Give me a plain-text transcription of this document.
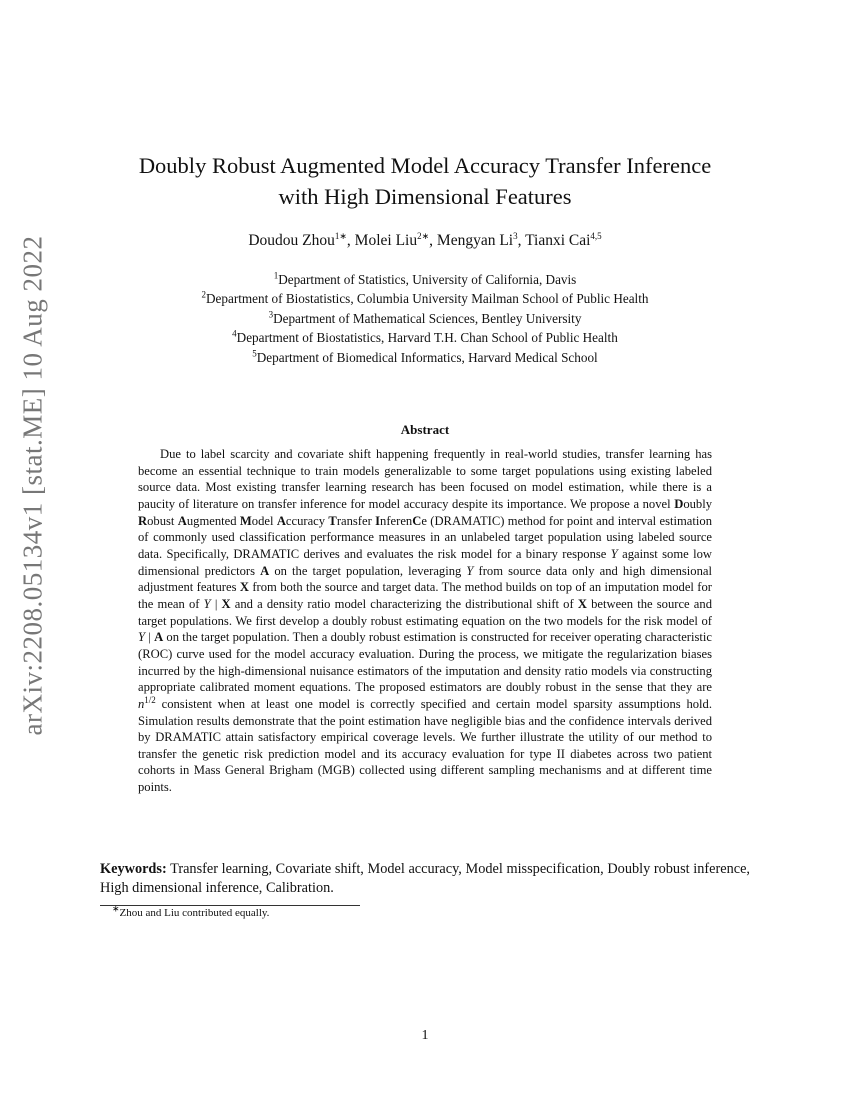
arXiv:2208.05134v1 [stat.ME] 10 Aug 2022
Doubly Robust Augmented Model Accuracy Transfer Inference
with High Dimensional Features
Doudou Zhou$^{1∗}$, Molei Liu$^{2∗}$, Mengyan Li$^3$, Tianxi Cai$^{4,5}$
$^1$Department of Statistics, University of California, Davis
$^2$Department of Biostatistics, Columbia University Mailman School of Public Health
$^3$Department of Mathematical Sciences, Bentley University
$^4$Department of Biostatistics, Harvard T.H. Chan School of Public Health
$^5$Department of Biomedical Informatics, Harvard Medical School
Abstract

Due to label scarcity and covariate shift happening frequently in real-world studies, transfer learning has become an essential technique to train models generalizable to some target populations using existing labeled source data. Most existing transfer learning research has been focused on model estimation, while there is a paucity of literature on transfer inference for model accuracy despite its importance. We propose a novel Doubly Robust Augmented Model Accuracy Transfer InferenCe (DRAMATIC) method for point and interval estimation of commonly used classification performance measures in an unlabeled target population using labeled source data. Specifically, DRAMATIC derives and evaluates the risk model for a binary response Y against some low dimensional predictors A on the target population, leveraging Y from source data only and high dimensional adjustment features X from both the source and target data. The method builds on top of an imputation model for the mean of Y | X and a density ratio model characterizing the distributional shift of X between the source and target populations. We first develop a doubly robust estimating equation on the two models for the risk model of Y | A on the target population. Then a doubly robust estimation is constructed for receiver operating characteristic (ROC) curve used for the model accuracy evaluation. During the process, we mitigate the regularization biases incurred by the high-dimensional nuisance estimators of the imputation and density ratio models via constructing appropriate calibrated moment equations. The proposed estimators are doubly robust in the sense that they are $n^{1/2}$ consistent when at least one model is correctly specified and certain model sparsity assumptions hold. Simulation results demonstrate that the point estimation have negligible bias and the confidence intervals derived by DRAMATIC attain satisfactory empirical coverage levels. We further illustrate the utility of our method to transfer the genetic risk prediction model and its accuracy evaluation for type II diabetes across two patient cohorts in Mass General Brigham (MGB) collected using different sampling mechanisms and at different time points.

Keywords: Transfer learning, Covariate shift, Model accuracy, Model misspecification, Doubly robust inference, High dimensional inference, Calibration.
∗Zhou and Liu contributed equally.
1
